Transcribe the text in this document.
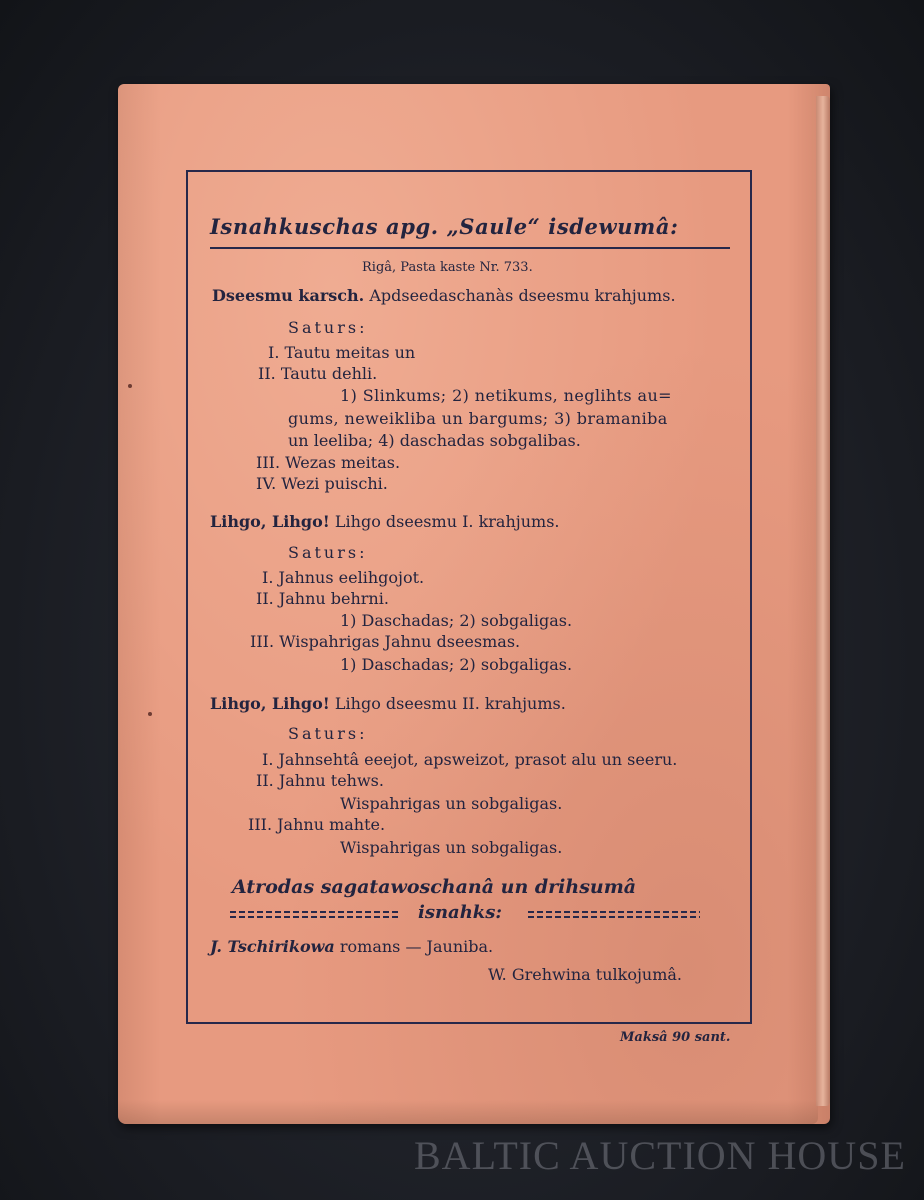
Isnahkuschas apg. „Saule“ isdewumâ:
Rigâ, Pasta kaste Nr. 733.
Dseesmu karsch. Apdseedaschanàs dseesmu krahjums.
Saturs:
I. Tautu meitas un
II. Tautu dehli.
1) Slinkums; 2) netikums, neglihts au=
gums, neweikliba un bargums; 3) bramaniba
un leeliba; 4) daschadas sobgalibas.
III. Wezas meitas.
IV. Wezi puischi.
Lihgo, Lihgo! Lihgo dseesmu I. krahjums.
Saturs:
I. Jahnus eelihgojot.
II. Jahnu behrni.
1) Daschadas; 2) sobgaligas.
III. Wispahrigas Jahnu dseesmas.
1) Daschadas; 2) sobgaligas.
Lihgo, Lihgo! Lihgo dseesmu II. krahjums.
Saturs:
I. Jahnsehtâ eeejot, apsweizot, prasot alu un seeru.
II. Jahnu tehws.
Wispahrigas un sobgaligas.
III. Jahnu mahte.
Wispahrigas un sobgaligas.
Atrodas sagatawoschanâ un drihsumâ
isnahks:
J. Tschirikowa romans — Jauniba.
W. Grehwina tulkojumâ.
Maksâ 90 sant.
BALTIC AUCTION HOUSE
